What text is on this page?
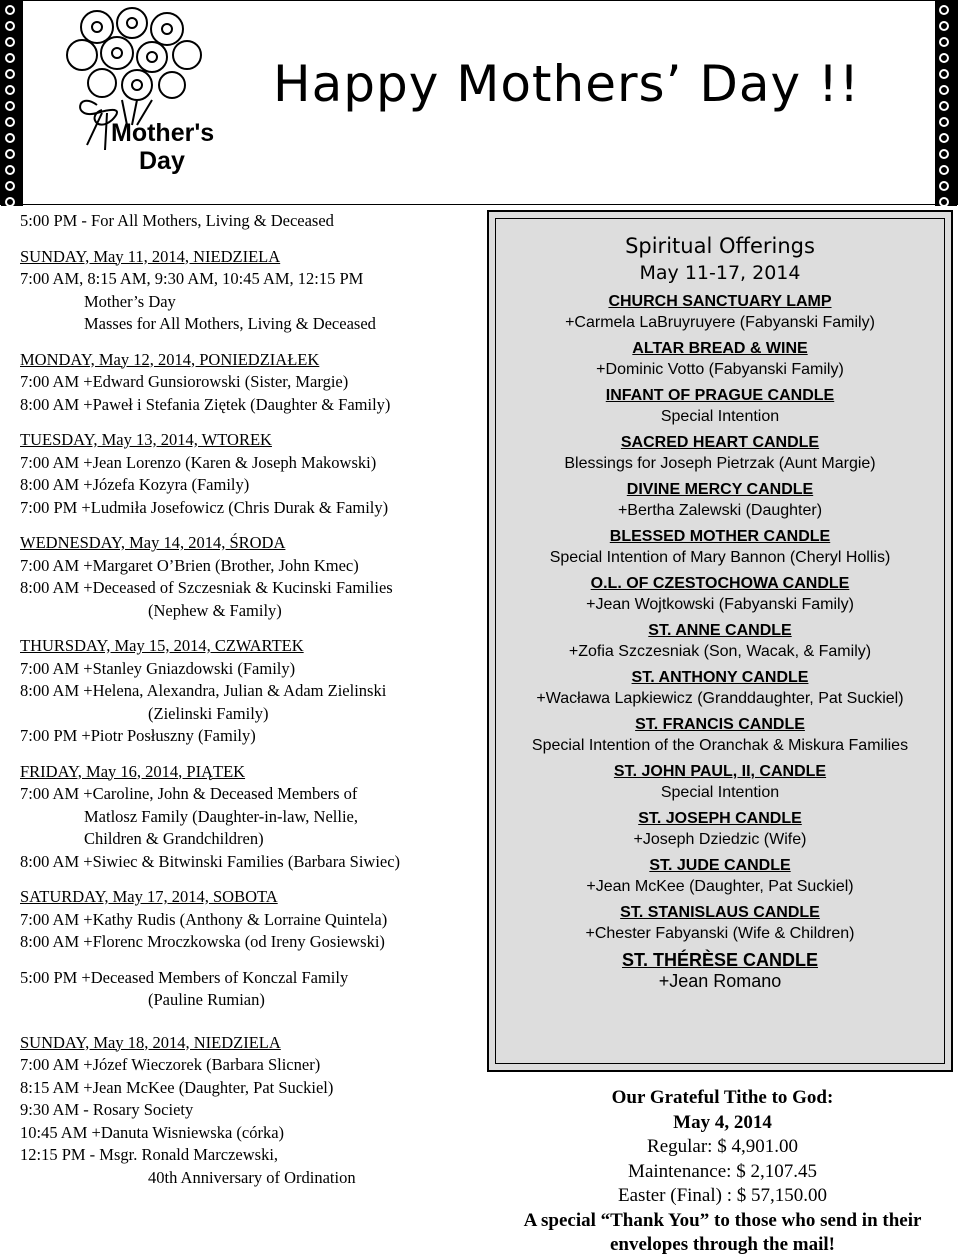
Mother's
Day
Happy Mothers’ Day !!
5:00 PM - For All Mothers, Living & Deceased
SUNDAY, May 11, 2014, NIEDZIELA
7:00 AM, 8:15 AM, 9:30 AM, 10:45 AM, 12:15 PM
Mother’s Day
Masses for All Mothers, Living & Deceased
MONDAY, May 12, 2014, PONIEDZIAŁEK
7:00 AM +Edward Gunsiorowski (Sister, Margie)
8:00 AM +Paweł i Stefania Ziętek (Daughter & Family)
TUESDAY, May 13, 2014, WTOREK
7:00 AM +Jean Lorenzo (Karen & Joseph Makowski)
8:00 AM +Józefa Kozyra (Family)
7:00 PM +Ludmiła Josefowicz (Chris Durak & Family)
WEDNESDAY, May 14, 2014, ŚRODA
7:00 AM +Margaret O’Brien (Brother, John Kmec)
8:00 AM +Deceased of Szczesniak & Kucinski Families
(Nephew & Family)
THURSDAY, May 15, 2014, CZWARTEK
7:00 AM +Stanley Gniazdowski (Family)
8:00 AM +Helena, Alexandra, Julian & Adam Zielinski
(Zielinski Family)
7:00 PM +Piotr Posłuszny (Family)
FRIDAY, May 16, 2014, PIĄTEK
7:00 AM +Caroline, John & Deceased Members of
Matlosz Family (Daughter-in-law, Nellie,
Children & Grandchildren)
8:00 AM +Siwiec & Bitwinski Families (Barbara Siwiec)
SATURDAY, May 17, 2014, SOBOTA
7:00 AM +Kathy Rudis (Anthony & Lorraine Quintela)
8:00 AM +Florenc Mroczkowska (od Ireny Gosiewski)
5:00 PM +Deceased Members of Konczal Family
(Pauline Rumian)
SUNDAY, May 18, 2014, NIEDZIELA
7:00 AM +Józef Wieczorek (Barbara Slicner)
8:15 AM +Jean McKee (Daughter, Pat Suckiel)
9:30 AM - Rosary Society
10:45 AM +Danuta Wisniewska (córka)
12:15 PM - Msgr. Ronald Marczewski,
40th Anniversary of Ordination
Spiritual Offerings
May 11-17, 2014
CHURCH SANCTUARY LAMP
+Carmela LaBruyruyere (Fabyanski Family)
ALTAR BREAD & WINE
+Dominic Votto (Fabyanski Family)
INFANT OF PRAGUE CANDLE
Special Intention
SACRED HEART CANDLE
Blessings for Joseph Pietrzak (Aunt Margie)
DIVINE MERCY CANDLE
+Bertha Zalewski (Daughter)
BLESSED MOTHER CANDLE
Special Intention of Mary Bannon (Cheryl Hollis)
O.L. OF CZESTOCHOWA CANDLE
+Jean Wojtkowski (Fabyanski Family)
ST. ANNE CANDLE
+Zofia Szczesniak (Son, Wacak, & Family)
ST. ANTHONY CANDLE
+Wacława Lapkiewicz (Granddaughter, Pat Suckiel)
ST. FRANCIS CANDLE
Special Intention of the Oranchak & Miskura Families
ST. JOHN PAUL, II, CANDLE
Special Intention
ST. JOSEPH CANDLE
+Joseph Dziedzic (Wife)
ST. JUDE CANDLE
+Jean McKee (Daughter, Pat Suckiel)
ST. STANISLAUS CANDLE
+Chester Fabyanski (Wife & Children)
ST. THÉRÈSE CANDLE
+Jean Romano
Our Grateful Tithe to God:
May 4, 2014
Regular: $ 4,901.00
Maintenance: $ 2,107.45
Easter (Final) : $ 57,150.00
A special “Thank You” to those who send in their
envelopes through the mail!
